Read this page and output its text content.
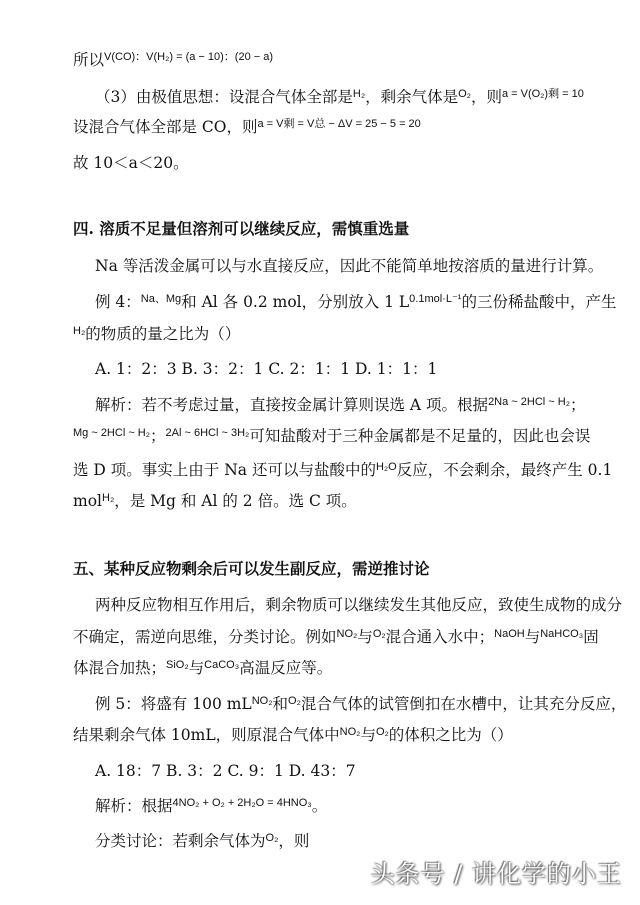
所以$^{V(CO):V(H_2) = (a - 10):(20 - a)}$
（3）由极值思想：设混合气体全部是$^{H_2}$，剩余气体是$^{O_2}$，则$^{a = V(O_2)剩 = 10}$
设混合气体全部是 CO，则$^{a = V剩 = V总 - \Delta V = 25 - 5 = 20}$
故 10＜a＜20。
四. 溶质不足量但溶剂可以继续反应，需慎重选量
Na 等活泼金属可以与水直接反应，因此不能简单地按溶质的量进行计算。
例 4：$^{Na、Mg}$和 Al 各 0.2 mol，分别放入 1 $L^{0.1mol\cdot L^{-1}}$的三份稀盐酸中，产生
$^{H_2}$的物质的量之比为（）
A. 1：2：3 B. 3：2：1 C. 2：1：1 D. 1：1：1
解析：若不考虑过量，直接按金属计算则误选 A 项。根据$^{2Na \sim 2HCl \sim H_2}$；
$^{Mg \sim 2HCl \sim H_2}$；$^{2Al \sim 6HCl \sim 3H_2}$可知盐酸对于三种金属都是不足量的，因此也会误
选 D 项。事实上由于 Na 还可以与盐酸中的$^{H_2O}$反应，不会剩余，最终产生 0.1
mol$^{H_2}$，是 Mg 和 Al 的 2 倍。选 C 项。
五、某种反应物剩余后可以发生副反应，需逆推讨论
两种反应物相互作用后，剩余物质可以继续发生其他反应，致使生成物的成分
不确定，需逆向思维，分类讨论。例如$^{NO_2}$与$^{O_2}$混合通入水中；$^{NaOH}$与$^{NaHCO_3}$固
体混合加热；$^{SiO_2}$与$^{CaCO_3}$高温反应等。
例 5：将盛有 100 $mL^{NO_2}$和$^{O_2}$混合气体的试管倒扣在水槽中，让其充分反应，
结果剩余气体 10mL，则原混合气体中$^{NO_2}$与$^{O_2}$的体积之比为（）
A. 18：7 B. 3：2 C. 9：1 D. 43：7
解析：根据$^{4NO_2 + O_2 + 2H_2O = 4HNO_3}$。
分类讨论：若剩余气体为$^{O_2}$，则
头条号 / 讲化学的小王
